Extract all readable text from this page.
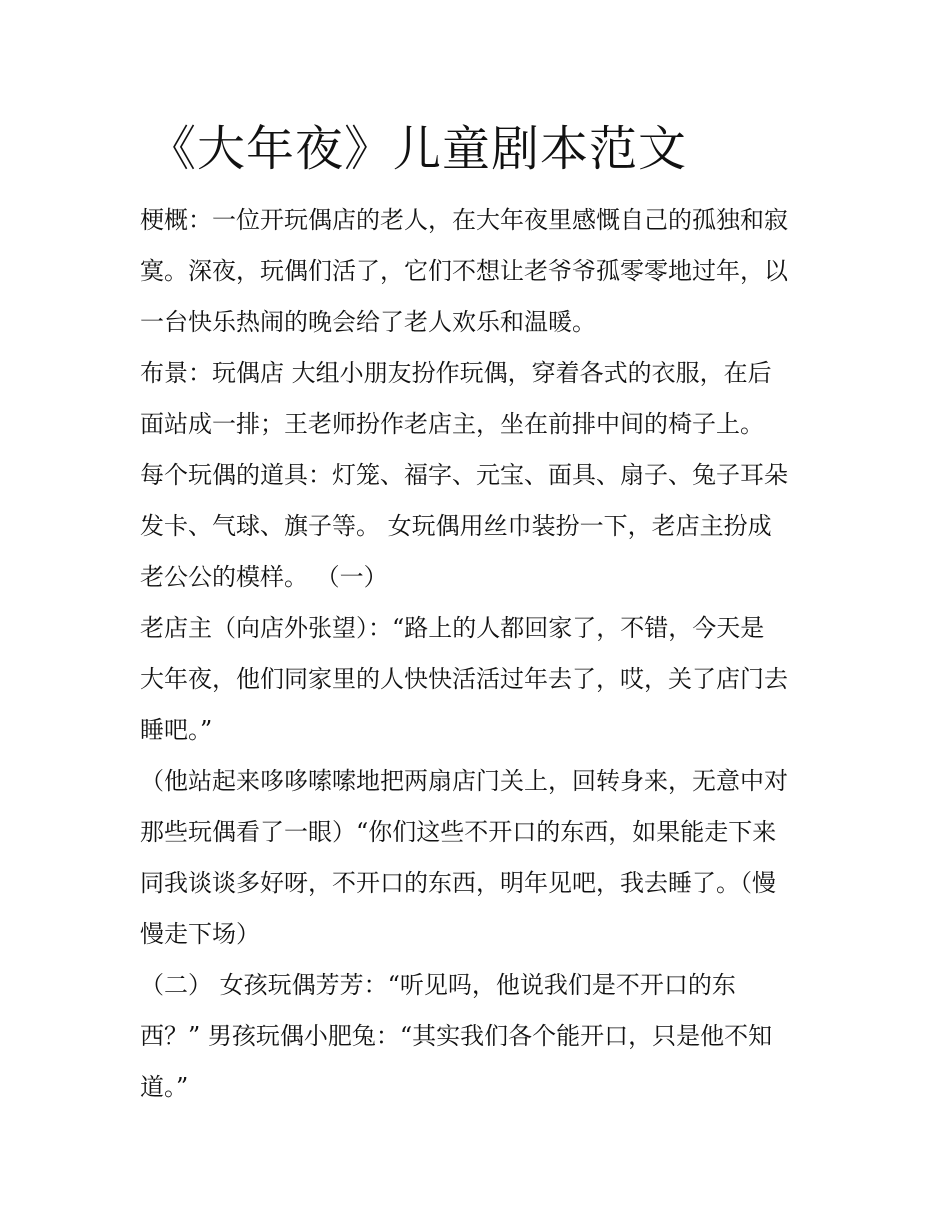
《大年夜》儿童剧本范文

梗概：一位开玩偶店的老人，在大年夜里感慨自己的孤独和寂
寞。深夜，玩偶们活了，它们不想让老爷爷孤零零地过年，以
一台快乐热闹的晚会给了老人欢乐和温暖。

布景：玩偶店 大组小朋友扮作玩偶，穿着各式的衣服，在后
面站成一排；王老师扮作老店主，坐在前排中间的椅子上。

每个玩偶的道具：灯笼、福字、元宝、面具、扇子、兔子耳朵
发卡、气球、旗子等。 女玩偶用丝巾装扮一下，老店主扮成
老公公的模样。 （一）

老店主（向店外张望）：“路上的人都回家了，不错，今天是
大年夜，他们同家里的人快快活活过年去了，哎，关了店门去
睡吧。”

（他站起来哆哆嗦嗦地把两扇店门关上，回转身来，无意中对
那些玩偶看了一眼）“你们这些不开口的东西，如果能走下来
同我谈谈多好呀，不开口的东西，明年见吧，我去睡了。（慢
慢走下场）

（二） 女孩玩偶芳芳：“听见吗，他说我们是不开口的东
西？” 男孩玩偶小肥兔：“其实我们各个能开口，只是他不知
道。”
